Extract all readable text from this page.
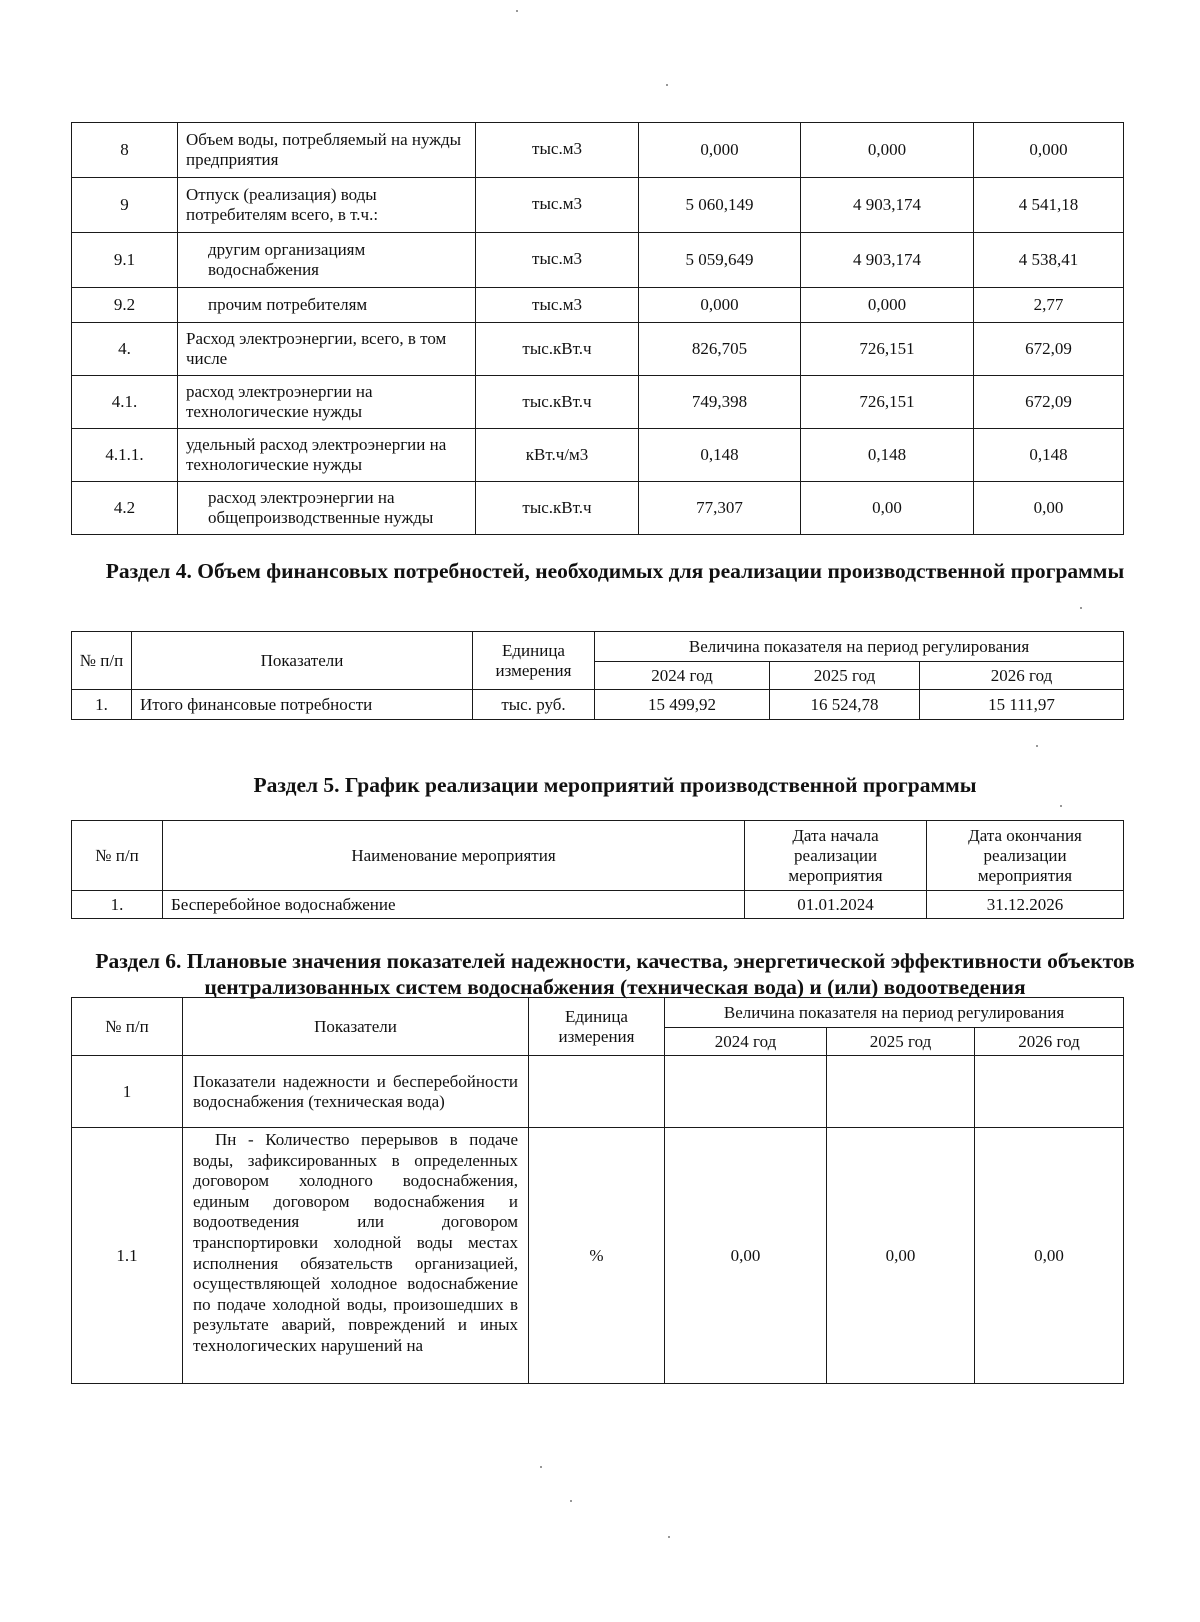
8	Объем воды, потребляемый на нужды предприятия	тыс.м3	0,000	0,000	0,000
9	Отпуск (реализация) воды потребителям всего, в т.ч.:	тыс.м3	5 060,149	4 903,174	4 541,18
9.1	другим организациям водоснабжения	тыс.м3	5 059,649	4 903,174	4 538,41
9.2	прочим потребителям	тыс.м3	0,000	0,000	2,77
4.	Расход электроэнергии, всего, в том числе	тыс.кВт.ч	826,705	726,151	672,09
4.1.	расход электроэнергии на технологические нужды	тыс.кВт.ч	749,398	726,151	672,09
4.1.1.	удельный расход электроэнергии на технологические нужды	кВт.ч/м3	0,148	0,148	0,148
4.2	расход электроэнергии на общепроизводственные нужды	тыс.кВт.ч	77,307	0,00	0,00
Раздел 4. Объем финансовых потребностей, необходимых для реализации производственной программы
№ п/п	Показатели	Единица измерения	Величина показателя на период регулирования		
			2024 год	2025 год	2026 год
1.	Итого финансовые потребности	тыс. руб.	15 499,92	16 524,78	15 111,97
Раздел 5. График реализации мероприятий производственной программы
№ п/п	Наименование мероприятия	Дата начала реализации мероприятия	Дата окончания реализации мероприятия
1.	Бесперебойное водоснабжение	01.01.2024	31.12.2026
Раздел 6. Плановые значения показателей надежности, качества, энергетической эффективности объектов централизованных систем водоснабжения (техническая вода) и (или) водоотведения
№ п/п	Показатели	Единица измерения	Величина показателя на период регулирования		
			2024 год	2025 год	2026 год
1	Показатели надежности и бесперебойности водоснабжения (техническая вода)				
1.1	Пн - Количество перерывов в подаче воды, зафиксированных в определенных договором холодного водоснабжения, единым договором водоснабжения и водоотведения или договором транспортировки холодной воды местах исполнения обязательств организацией, осуществляющей холодное водоснабжение по подаче холодной воды, произошедших в результате аварий, повреждений и иных технологических нарушений на	%	0,00	0,00	0,00
